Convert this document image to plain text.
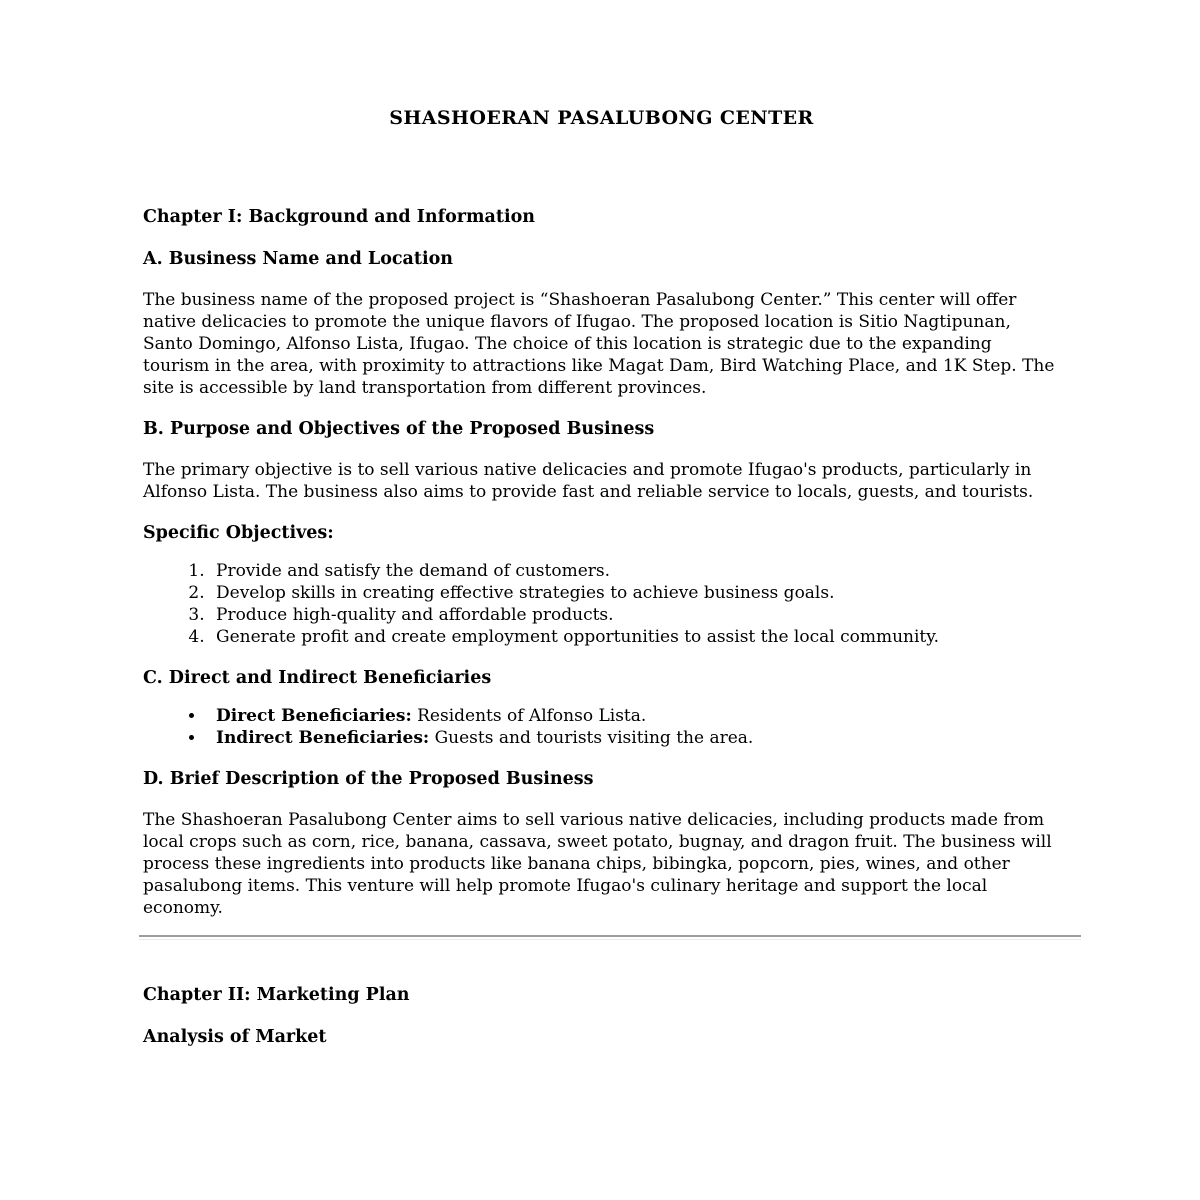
SHASHOERAN PASALUBONG CENTER
Chapter I: Background and Information
A. Business Name and Location

The business name of the proposed project is “Shashoeran Pasalubong Center.” This center will offer native delicacies to promote the unique flavors of Ifugao. The proposed location is Sitio Nagtipunan, Santo Domingo, Alfonso Lista, Ifugao. The choice of this location is strategic due to the expanding tourism in the area, with proximity to attractions like Magat Dam, Bird Watching Place, and 1K Step. The site is accessible by land transportation from different provinces.

B. Purpose and Objectives of the Proposed Business

The primary objective is to sell various native delicacies and promote Ifugao's products, particularly in Alfonso Lista. The business also aims to provide fast and reliable service to locals, guests, and tourists.

Specific Objectives:
1. Provide and satisfy the demand of customers.
2. Develop skills in creating effective strategies to achieve business goals.
3. Produce high-quality and affordable products.
4. Generate profit and create employment opportunities to assist the local community.
C. Direct and Indirect Beneficiaries
• Direct Beneficiaries: Residents of Alfonso Lista.
• Indirect Beneficiaries: Guests and tourists visiting the area.
D. Brief Description of the Proposed Business

The Shashoeran Pasalubong Center aims to sell various native delicacies, including products made from local crops such as corn, rice, banana, cassava, sweet potato, bugnay, and dragon fruit. The business will process these ingredients into products like banana chips, bibingka, popcorn, pies, wines, and other pasalubong items. This venture will help promote Ifugao's culinary heritage and support the local economy.

Chapter II: Marketing Plan
Analysis of Market
